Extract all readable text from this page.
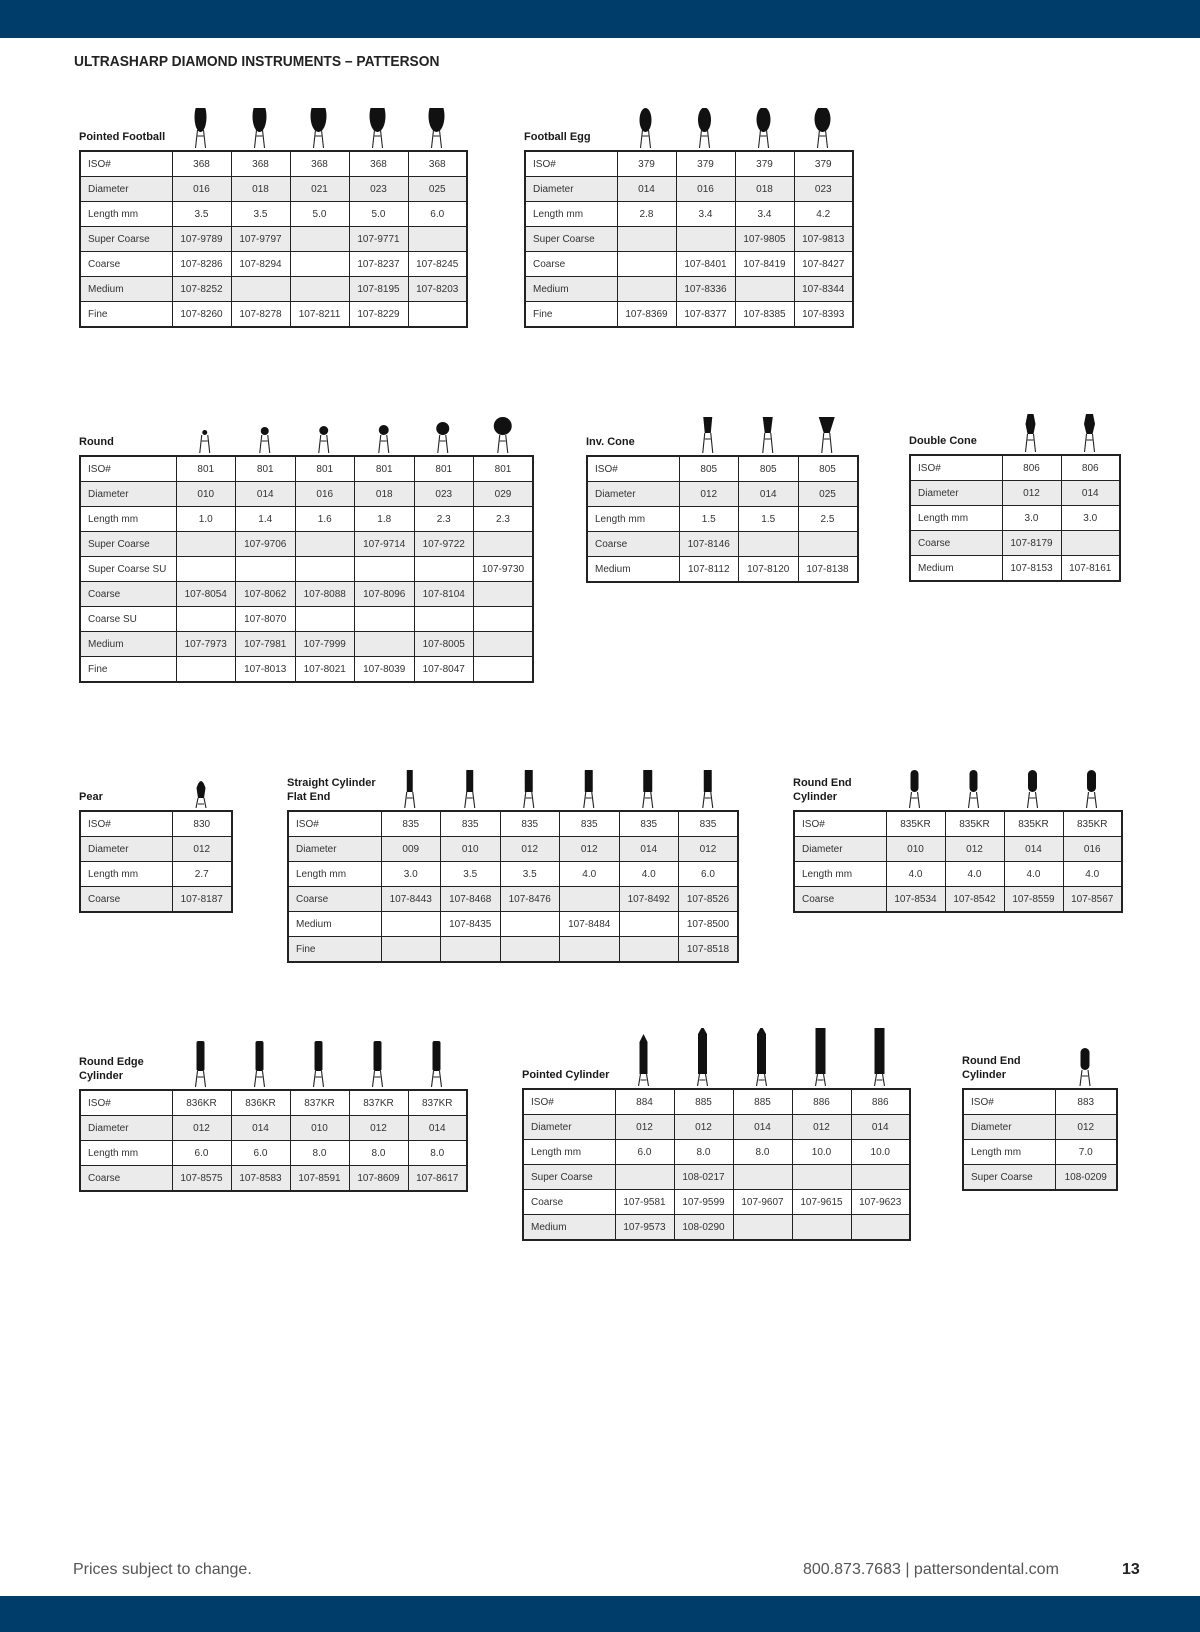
ULTRASHARP DIAMOND INSTRUMENTS – PATTERSON
Pointed Football
ISO#	368	368	368	368	368
Diameter	016	018	021	023	025
Length mm	3.5	3.5	5.0	5.0	6.0
Super Coarse	107-9789	107-9797		107-9771	
Coarse	107-8286	107-8294		107-8237	107-8245
Medium	107-8252			107-8195	107-8203
Fine	107-8260	107-8278	107-8211	107-8229	
Football Egg
ISO#	379	379	379	379
Diameter	014	016	018	023
Length mm	2.8	3.4	3.4	4.2
Super Coarse			107-9805	107-9813
Coarse		107-8401	107-8419	107-8427
Medium		107-8336		107-8344
Fine	107-8369	107-8377	107-8385	107-8393
Round
ISO#	801	801	801	801	801	801
Diameter	010	014	016	018	023	029
Length mm	1.0	1.4	1.6	1.8	2.3	2.3
Super Coarse		107-9706		107-9714	107-9722	
Super Coarse SU						107-9730
Coarse	107-8054	107-8062	107-8088	107-8096	107-8104	
Coarse SU		107-8070				
Medium	107-7973	107-7981	107-7999		107-8005	
Fine		107-8013	107-8021	107-8039	107-8047	
Inv. Cone
ISO#	805	805	805
Diameter	012	014	025
Length mm	1.5	1.5	2.5
Coarse	107-8146		
Medium	107-8112	107-8120	107-8138
Double Cone
ISO#	806	806
Diameter	012	014
Length mm	3.0	3.0
Coarse	107-8179	
Medium	107-8153	107-8161
Pear
ISO#	830
Diameter	012
Length mm	2.7
Coarse	107-8187
Straight Cylinder
Flat End
ISO#	835	835	835	835	835	835
Diameter	009	010	012	012	014	012
Length mm	3.0	3.5	3.5	4.0	4.0	6.0
Coarse	107-8443	107-8468	107-8476		107-8492	107-8526
Medium		107-8435		107-8484		107-8500
Fine						107-8518
Round End
Cylinder
ISO#	835KR	835KR	835KR	835KR
Diameter	010	012	014	016
Length mm	4.0	4.0	4.0	4.0
Coarse	107-8534	107-8542	107-8559	107-8567
Round Edge
Cylinder
ISO#	836KR	836KR	837KR	837KR	837KR
Diameter	012	014	010	012	014
Length mm	6.0	6.0	8.0	8.0	8.0
Coarse	107-8575	107-8583	107-8591	107-8609	107-8617
Pointed Cylinder
ISO#	884	885	885	886	886
Diameter	012	012	014	012	014
Length mm	6.0	8.0	8.0	10.0	10.0
Super Coarse		108-0217			
Coarse	107-9581	107-9599	107-9607	107-9615	107-9623
Medium	107-9573	108-0290			
Round End
Cylinder
ISO#	883
Diameter	012
Length mm	7.0
Super Coarse	108-0209
Prices subject to change.	800.873.7683 | pattersondental.com	13
